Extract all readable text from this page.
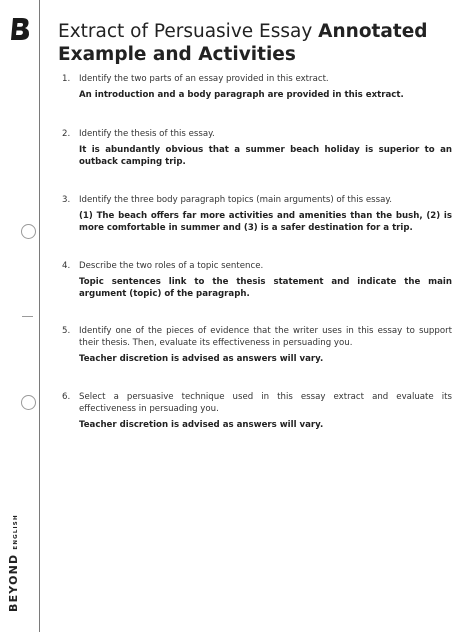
BEYONDENGLISH
Extract of Persuasive Essay Annotated
Example and Activities
1.	Identify the two parts of an essay provided in this extract.
An introduction and a body paragraph are provided in this extract.
2.	Identify the thesis of this essay.
It is abundantly obvious that a summer beach holiday is superior to an outback camping trip.
3.	Identify the three body paragraph topics (main arguments) of this essay.
(1) The beach offers far more activities and amenities than the bush, (2) is more comfortable in summer and (3) is a safer destination for a trip.
4.	Describe the two roles of a topic sentence.
Topic sentences link to the thesis statement and indicate the main argument (topic) of the paragraph.
5.	Identify one of the pieces of evidence that the writer uses in this essay to support their thesis. Then, evaluate its effectiveness in persuading you.
Teacher discretion is advised as answers will vary.
6.	Select a persuasive technique used in this essay extract and evaluate its effectiveness in persuading you.
Teacher discretion is advised as answers will vary.
